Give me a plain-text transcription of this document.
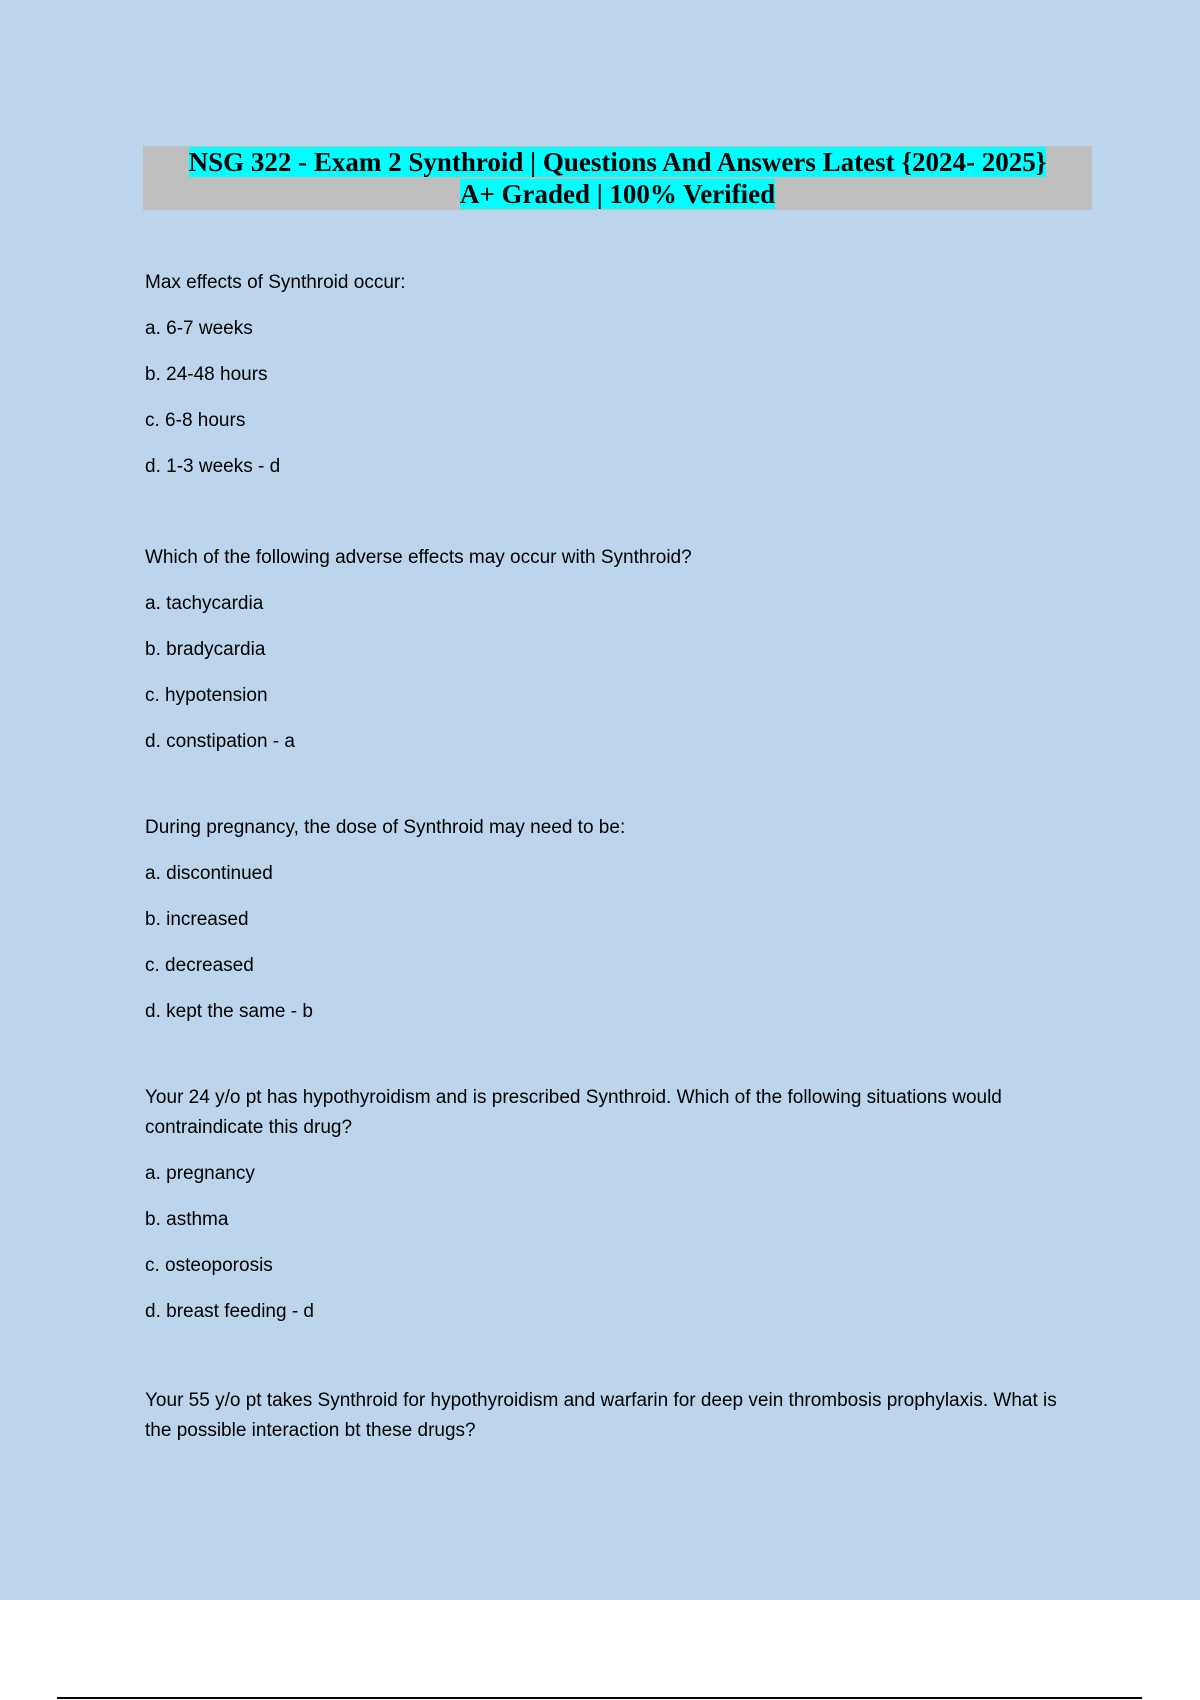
NSG 322 - Exam 2 Synthroid | Questions And Answers Latest {2024- 2025}
A+ Graded | 100% Verified

Max effects of Synthroid occur:

a. 6-7 weeks

b. 24-48 hours

c. 6-8 hours

d. 1-3 weeks - d

Which of the following adverse effects may occur with Synthroid?

a. tachycardia

b. bradycardia

c. hypotension

d. constipation - a

During pregnancy, the dose of Synthroid may need to be:

a. discontinued

b. increased

c. decreased

d. kept the same - b

Your 24 y/o pt has hypothyroidism and is prescribed Synthroid. Which of the following situations would contraindicate this drug?

a. pregnancy

b. asthma

c. osteoporosis

d. breast feeding - d

Your 55 y/o pt takes Synthroid for hypothyroidism and warfarin for deep vein thrombosis prophylaxis. What is the possible interaction bt these drugs?
